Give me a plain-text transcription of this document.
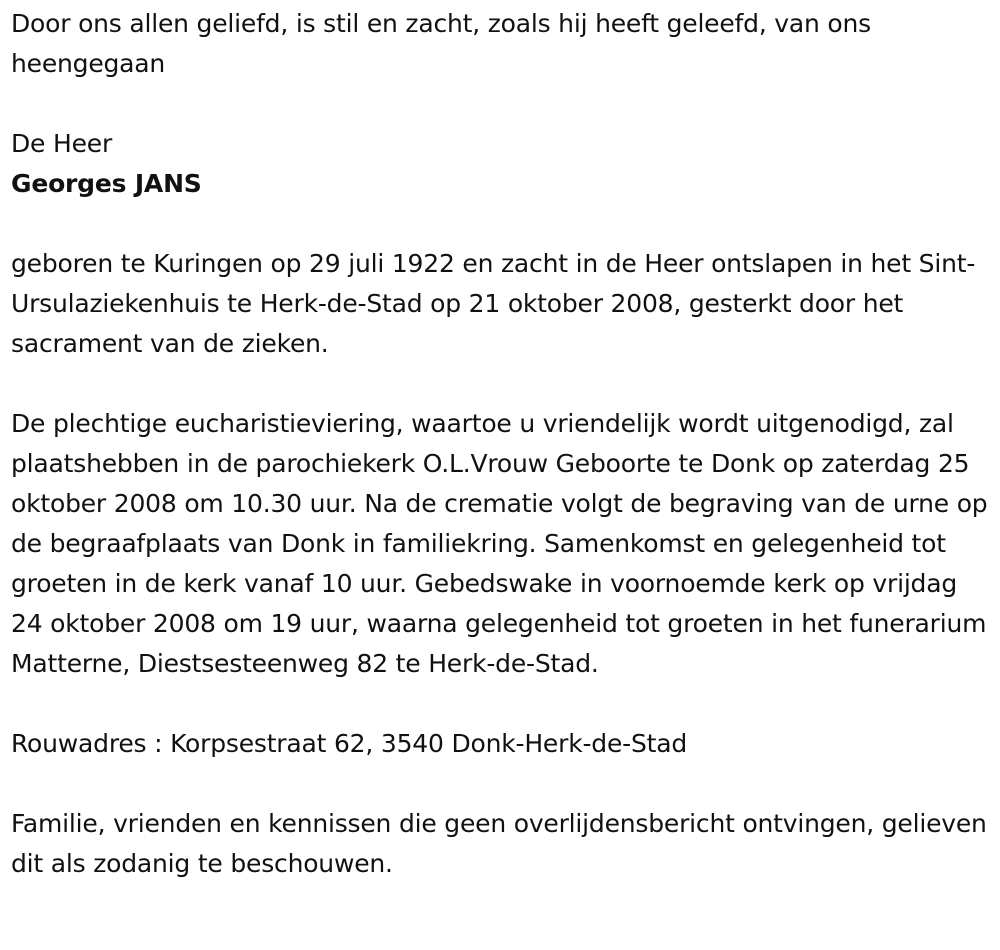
Door ons allen geliefd, is stil en zacht, zoals hij heeft geleefd, van ons heengegaan

De Heer

Georges JANS

geboren te Kuringen op 29 juli 1922 en zacht in de Heer ontslapen in het Sint-Ursulaziekenhuis te Herk-de-Stad op 21 oktober 2008, gesterkt door het sacrament van de zieken.

De plechtige eucharistieviering, waartoe u vriendelijk wordt uitgenodigd, zal plaatshebben in de parochiekerk O.L.Vrouw Geboorte te Donk op zaterdag 25 oktober 2008 om 10.30 uur. Na de crematie volgt de begraving van de urne op de begraafplaats van Donk in familiekring. Samenkomst en gelegenheid tot groeten in de kerk vanaf 10 uur. Gebedswake in voornoemde kerk op vrijdag 24 oktober 2008 om 19 uur, waarna gelegenheid tot groeten in het funerarium Matterne, Diestsesteenweg 82 te Herk-de-Stad.

Rouwadres : Korpsestraat 62, 3540 Donk-Herk-de-Stad

Familie, vrienden en kennissen die geen overlijdensbericht ontvingen, gelieven dit als zodanig te beschouwen.
